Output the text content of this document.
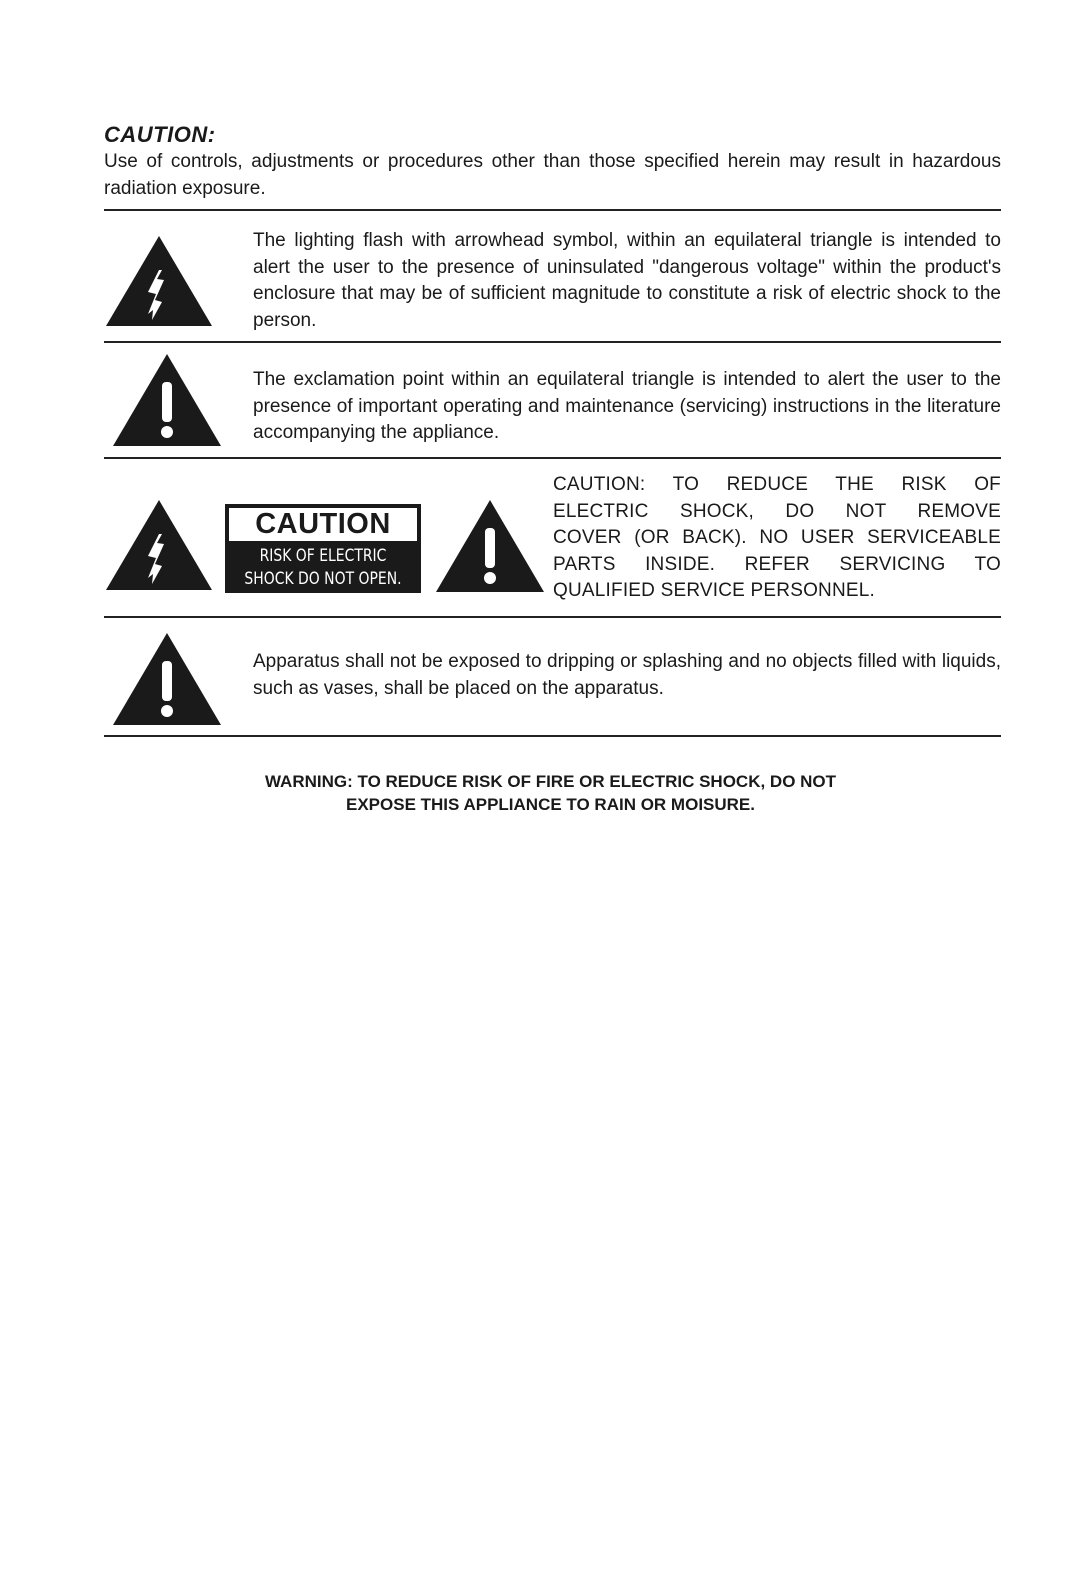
CAUTION:

Use of controls, adjustments or procedures other than those specified herein may result in hazardous radiation exposure.

The lighting flash with arrowhead symbol, within an equilateral triangle is intended to alert the user to the presence of uninsulated "dangerous voltage" within the product's enclosure that may be of sufficient magnitude to constitute a risk of electric shock to the person.

The exclamation point within an equilateral triangle is intended to alert the user to the presence of important operating and maintenance (servicing) instructions in the literature accompanying the appliance.

CAUTION
RISK OF ELECTRIC
SHOCK DO NOT OPEN.
CAUTION: TO REDUCE THE RISK OF
ELECTRIC SHOCK, DO NOT REMOVE
COVER (OR BACK). NO USER SERVICEABLE
PARTS INSIDE. REFER SERVICING TO
QUALIFIED SERVICE PERSONNEL.

Apparatus shall not be exposed to dripping or splashing and no objects filled with liquids, such as vases, shall be placed on the apparatus.

WARNING: TO REDUCE RISK OF FIRE OR ELECTRIC SHOCK, DO NOT
EXPOSE THIS APPLIANCE TO RAIN OR MOISURE.
